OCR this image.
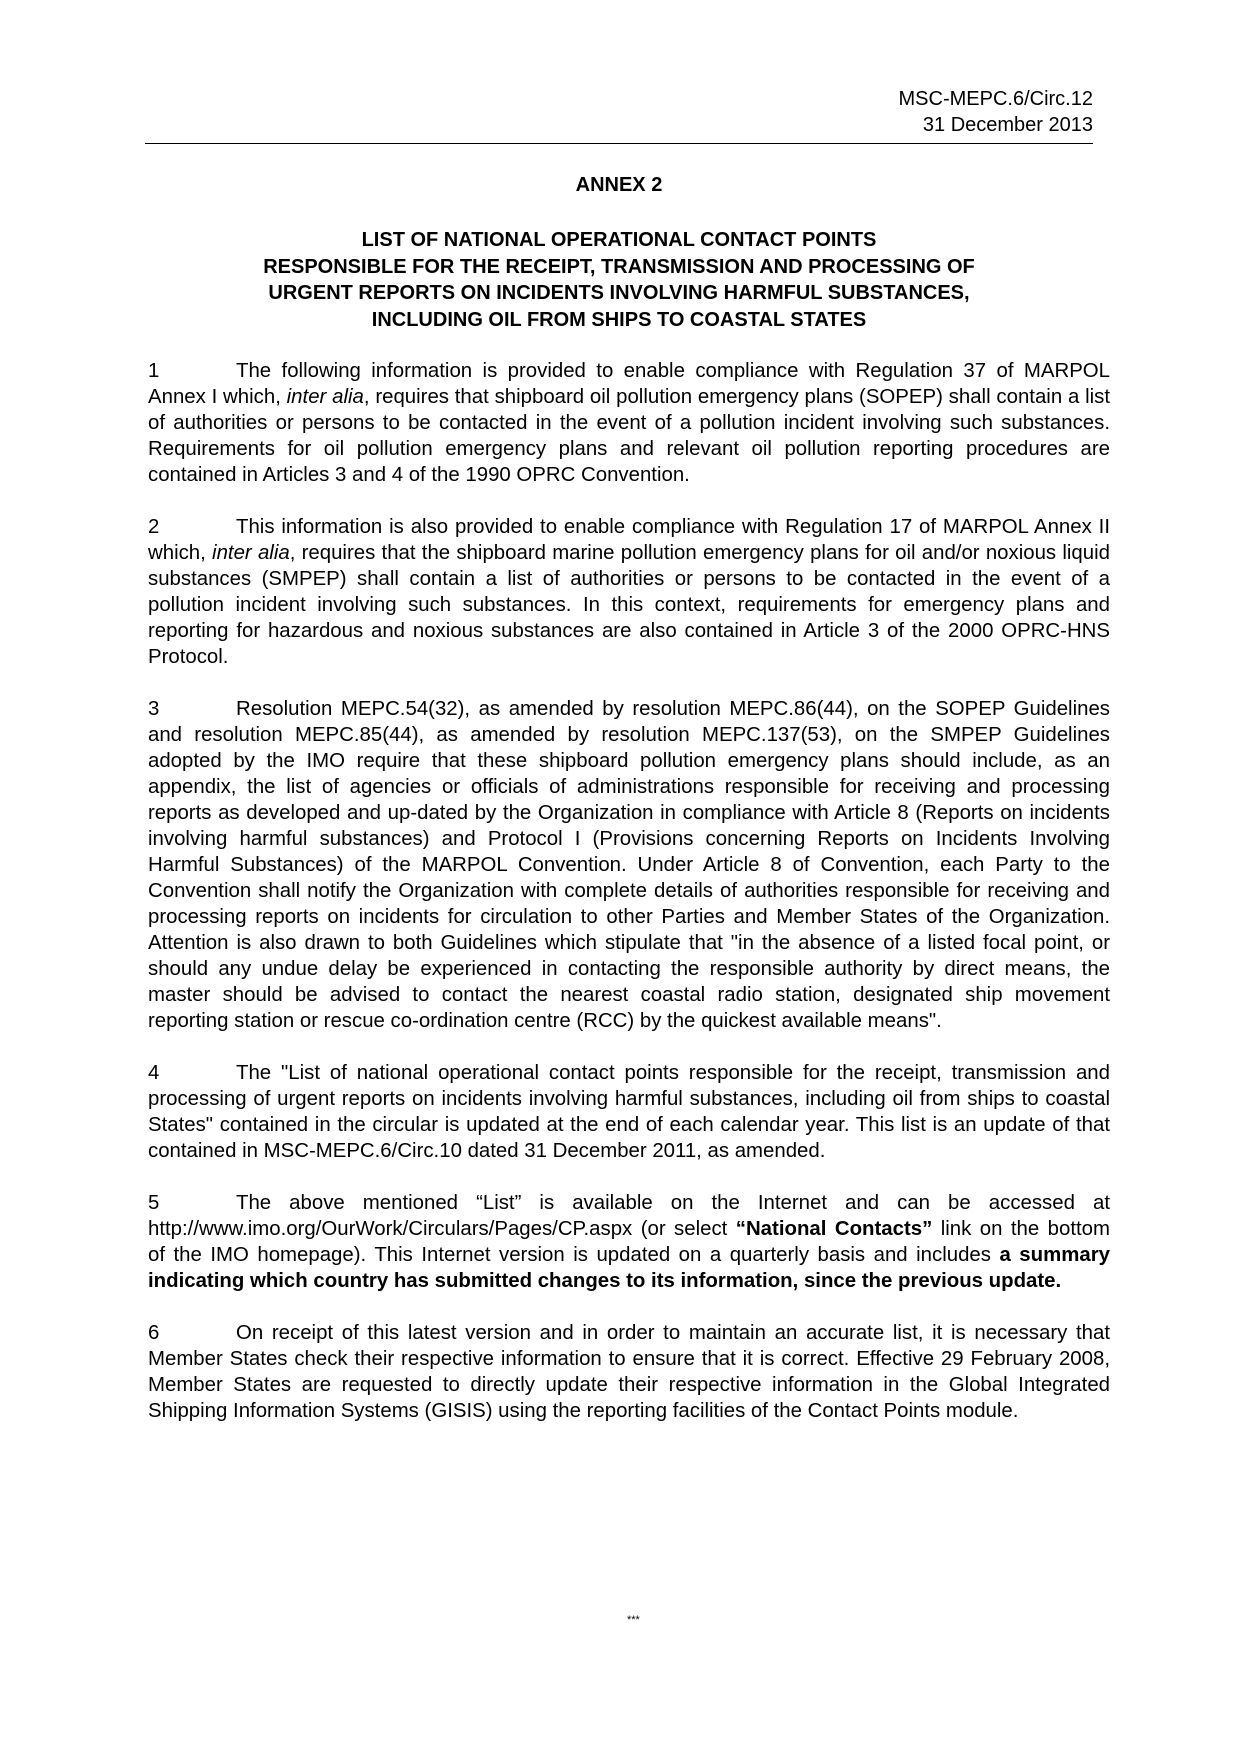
MSC-MEPC.6/Circ.12
31 December 2013
ANNEX 2
LIST OF NATIONAL OPERATIONAL CONTACT POINTS
RESPONSIBLE FOR THE RECEIPT, TRANSMISSION AND PROCESSING OF
URGENT REPORTS ON INCIDENTS INVOLVING HARMFUL SUBSTANCES,
INCLUDING OIL FROM SHIPS TO COASTAL STATES

1	The following information is provided to enable compliance with Regulation 37 of MARPOL Annex I which, inter alia, requires that shipboard oil pollution emergency plans (SOPEP) shall contain a list of authorities or persons to be contacted in the event of a pollution incident involving such substances. Requirements for oil pollution emergency plans and relevant oil pollution reporting procedures are contained in Articles 3 and 4 of the 1990 OPRC Convention.

2	This information is also provided to enable compliance with Regulation 17 of MARPOL Annex II which, inter alia, requires that the shipboard marine pollution emergency plans for oil and/or noxious liquid substances (SMPEP) shall contain a list of authorities or persons to be contacted in the event of a pollution incident involving such substances. In this context, requirements for emergency plans and reporting for hazardous and noxious substances are also contained in Article 3 of the 2000 OPRC-HNS Protocol.

3	Resolution MEPC.54(32), as amended by resolution MEPC.86(44), on the SOPEP Guidelines and resolution MEPC.85(44), as amended by resolution MEPC.137(53), on the SMPEP Guidelines adopted by the IMO require that these shipboard pollution emergency plans should include, as an appendix, the list of agencies or officials of administrations responsible for receiving and processing reports as developed and up-dated by the Organization in compliance with Article 8 (Reports on incidents involving harmful substances) and Protocol I (Provisions concerning Reports on Incidents Involving Harmful Substances) of the MARPOL Convention. Under Article 8 of Convention, each Party to the Convention shall notify the Organization with complete details of authorities responsible for receiving and processing reports on incidents for circulation to other Parties and Member States of the Organization. Attention is also drawn to both Guidelines which stipulate that "in the absence of a listed focal point, or should any undue delay be experienced in contacting the responsible authority by direct means, the master should be advised to contact the nearest coastal radio station, designated ship movement reporting station or rescue co-ordination centre (RCC) by the quickest available means".

4	The "List of national operational contact points responsible for the receipt, transmission and processing of urgent reports on incidents involving harmful substances, including oil from ships to coastal States" contained in the circular is updated at the end of each calendar year. This list is an update of that contained in MSC-MEPC.6/Circ.10 dated 31 December 2011, as amended.

5	The above mentioned “List” is available on the Internet and can be accessed at http://www.imo.org/OurWork/Circulars/Pages/CP.aspx (or select “National Contacts” link on the bottom of the IMO homepage). This Internet version is updated on a quarterly basis and includes a summary indicating which country has submitted changes to its information, since the previous update.

6	On receipt of this latest version and in order to maintain an accurate list, it is necessary that Member States check their respective information to ensure that it is correct. Effective 29 February 2008, Member States are requested to directly update their respective information in the Global Integrated Shipping Information Systems (GISIS) using the reporting facilities of the Contact Points module.

***
